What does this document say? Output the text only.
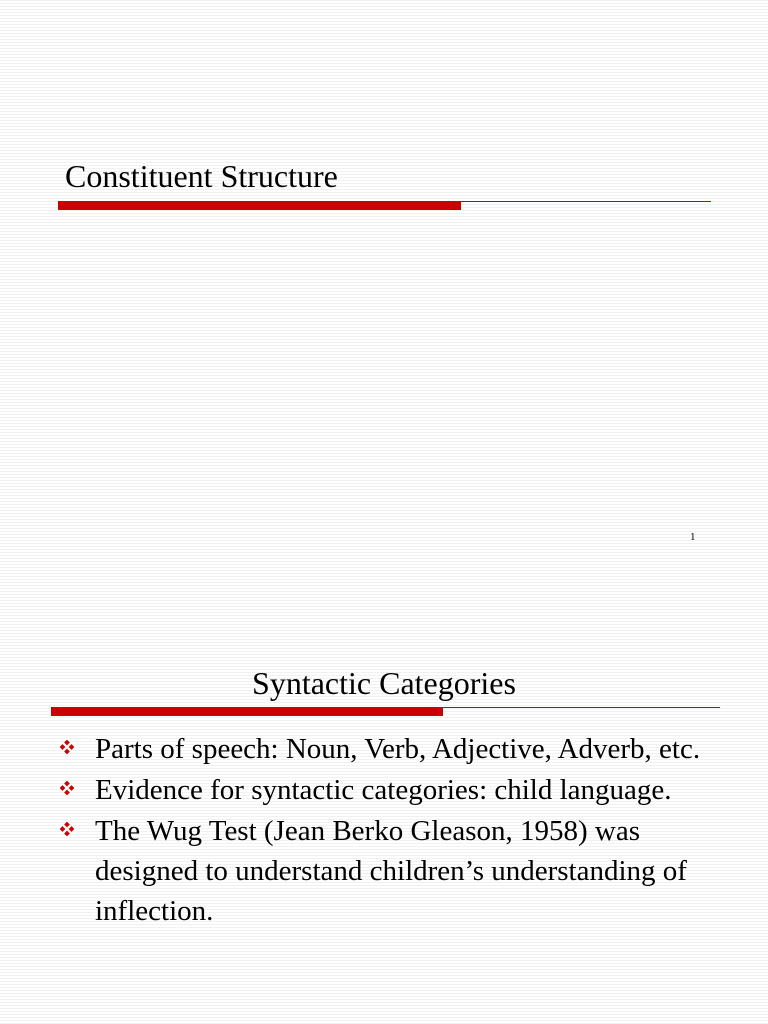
Constituent Structure
1
Syntactic Categories
Parts of speech: Noun, Verb, Adjective, Adverb, etc.
Evidence for syntactic categories: child language.
The Wug Test (Jean Berko Gleason, 1958) was designed to understand children’s understanding of inflection.
